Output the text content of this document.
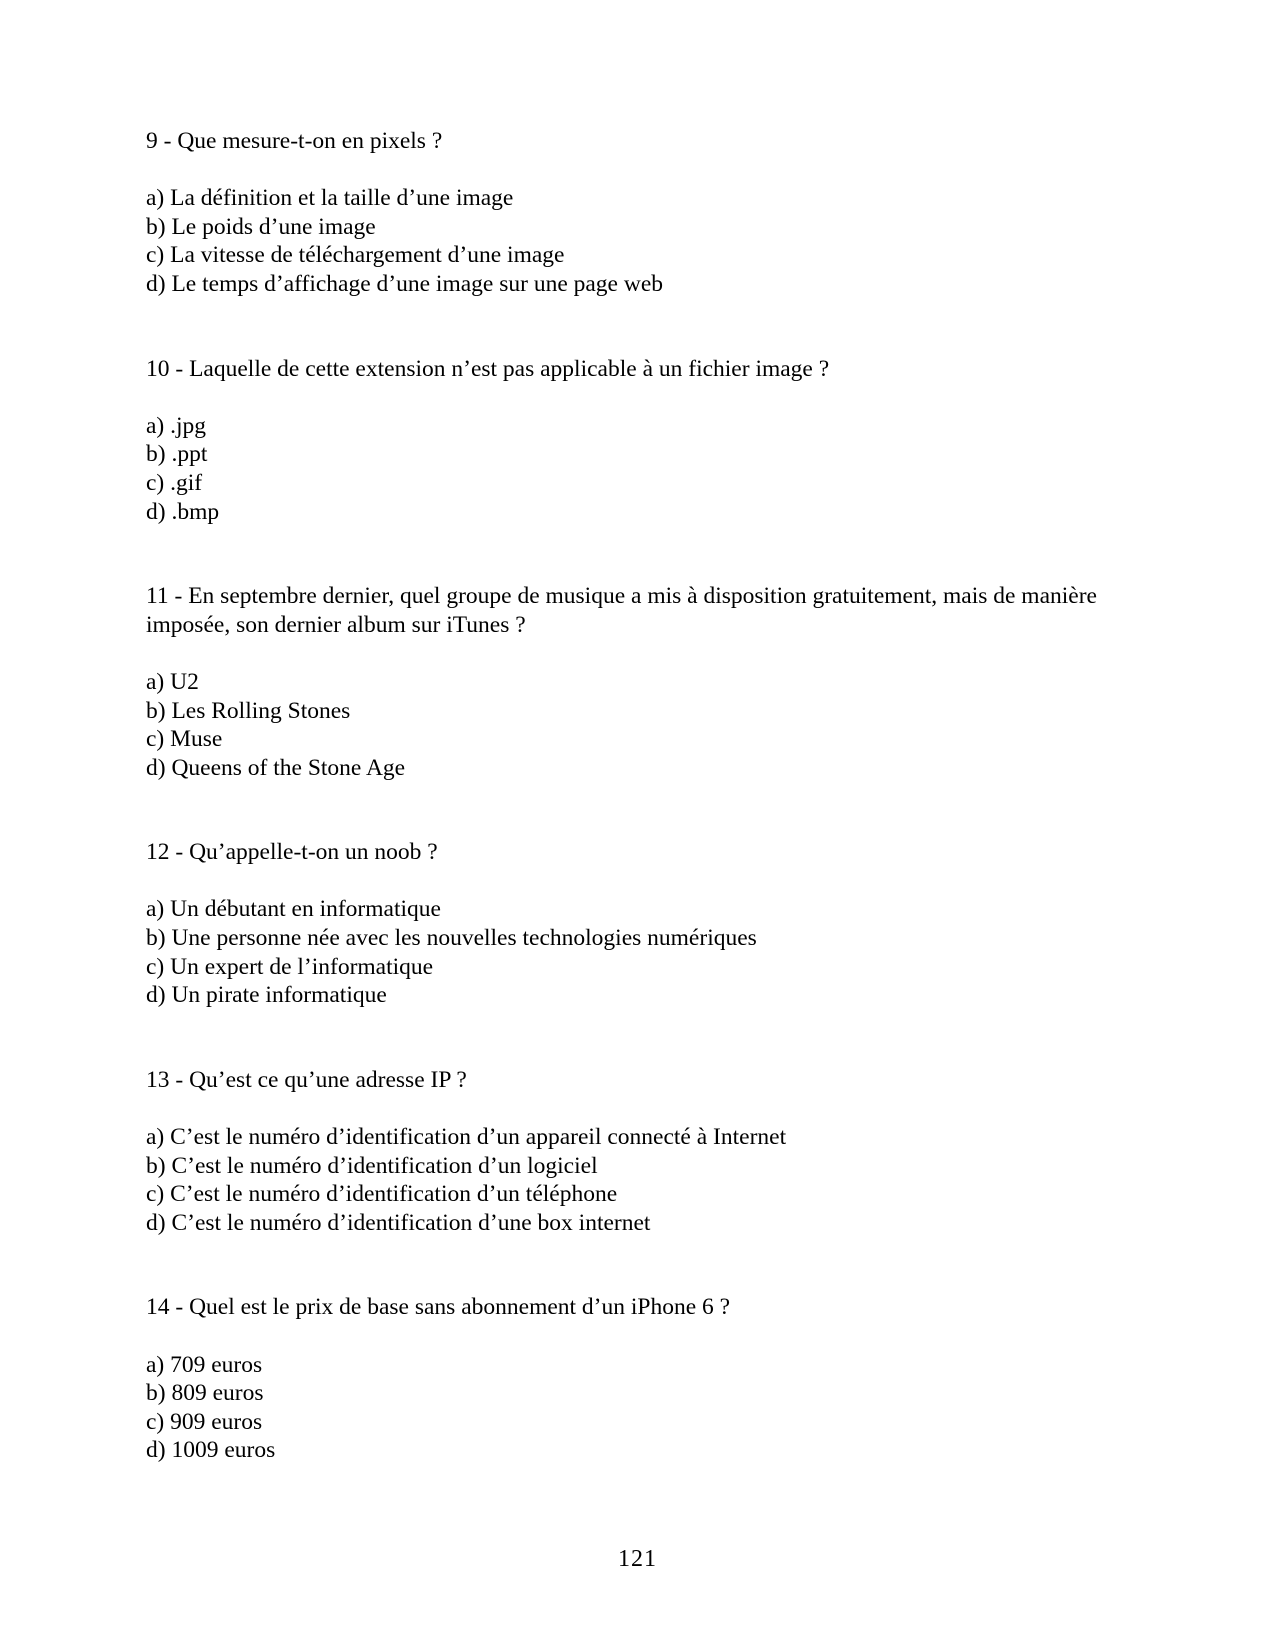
9 - Que mesure-t-on en pixels ?

a) La définition et la taille d’une image
b) Le poids d’une image
c) La vitesse de téléchargement d’une image
d) Le temps d’affichage d’une image sur une page web

10 - Laquelle de cette extension n’est pas applicable à un fichier image ?

a) .jpg
b) .ppt
c) .gif
d) .bmp

11 - En septembre dernier, quel groupe de musique a mis à disposition gratuitement, mais de manière imposée, son dernier album sur iTunes ?

a) U2
b) Les Rolling Stones
c) Muse
d) Queens of the Stone Age

12 - Qu’appelle-t-on un noob ?

a) Un débutant en informatique
b) Une personne née avec les nouvelles technologies numériques
c) Un expert de l’informatique
d) Un pirate informatique

13 - Qu’est ce qu’une adresse IP ?

a) C’est le numéro d’identification d’un appareil connecté à Internet
b) C’est le numéro d’identification d’un logiciel
c) C’est le numéro d’identification d’un téléphone
d) C’est le numéro d’identification d’une box internet

14 - Quel est le prix de base sans abonnement d’un iPhone 6 ?

a) 709 euros
b) 809 euros
c) 909 euros
d) 1009 euros
121
